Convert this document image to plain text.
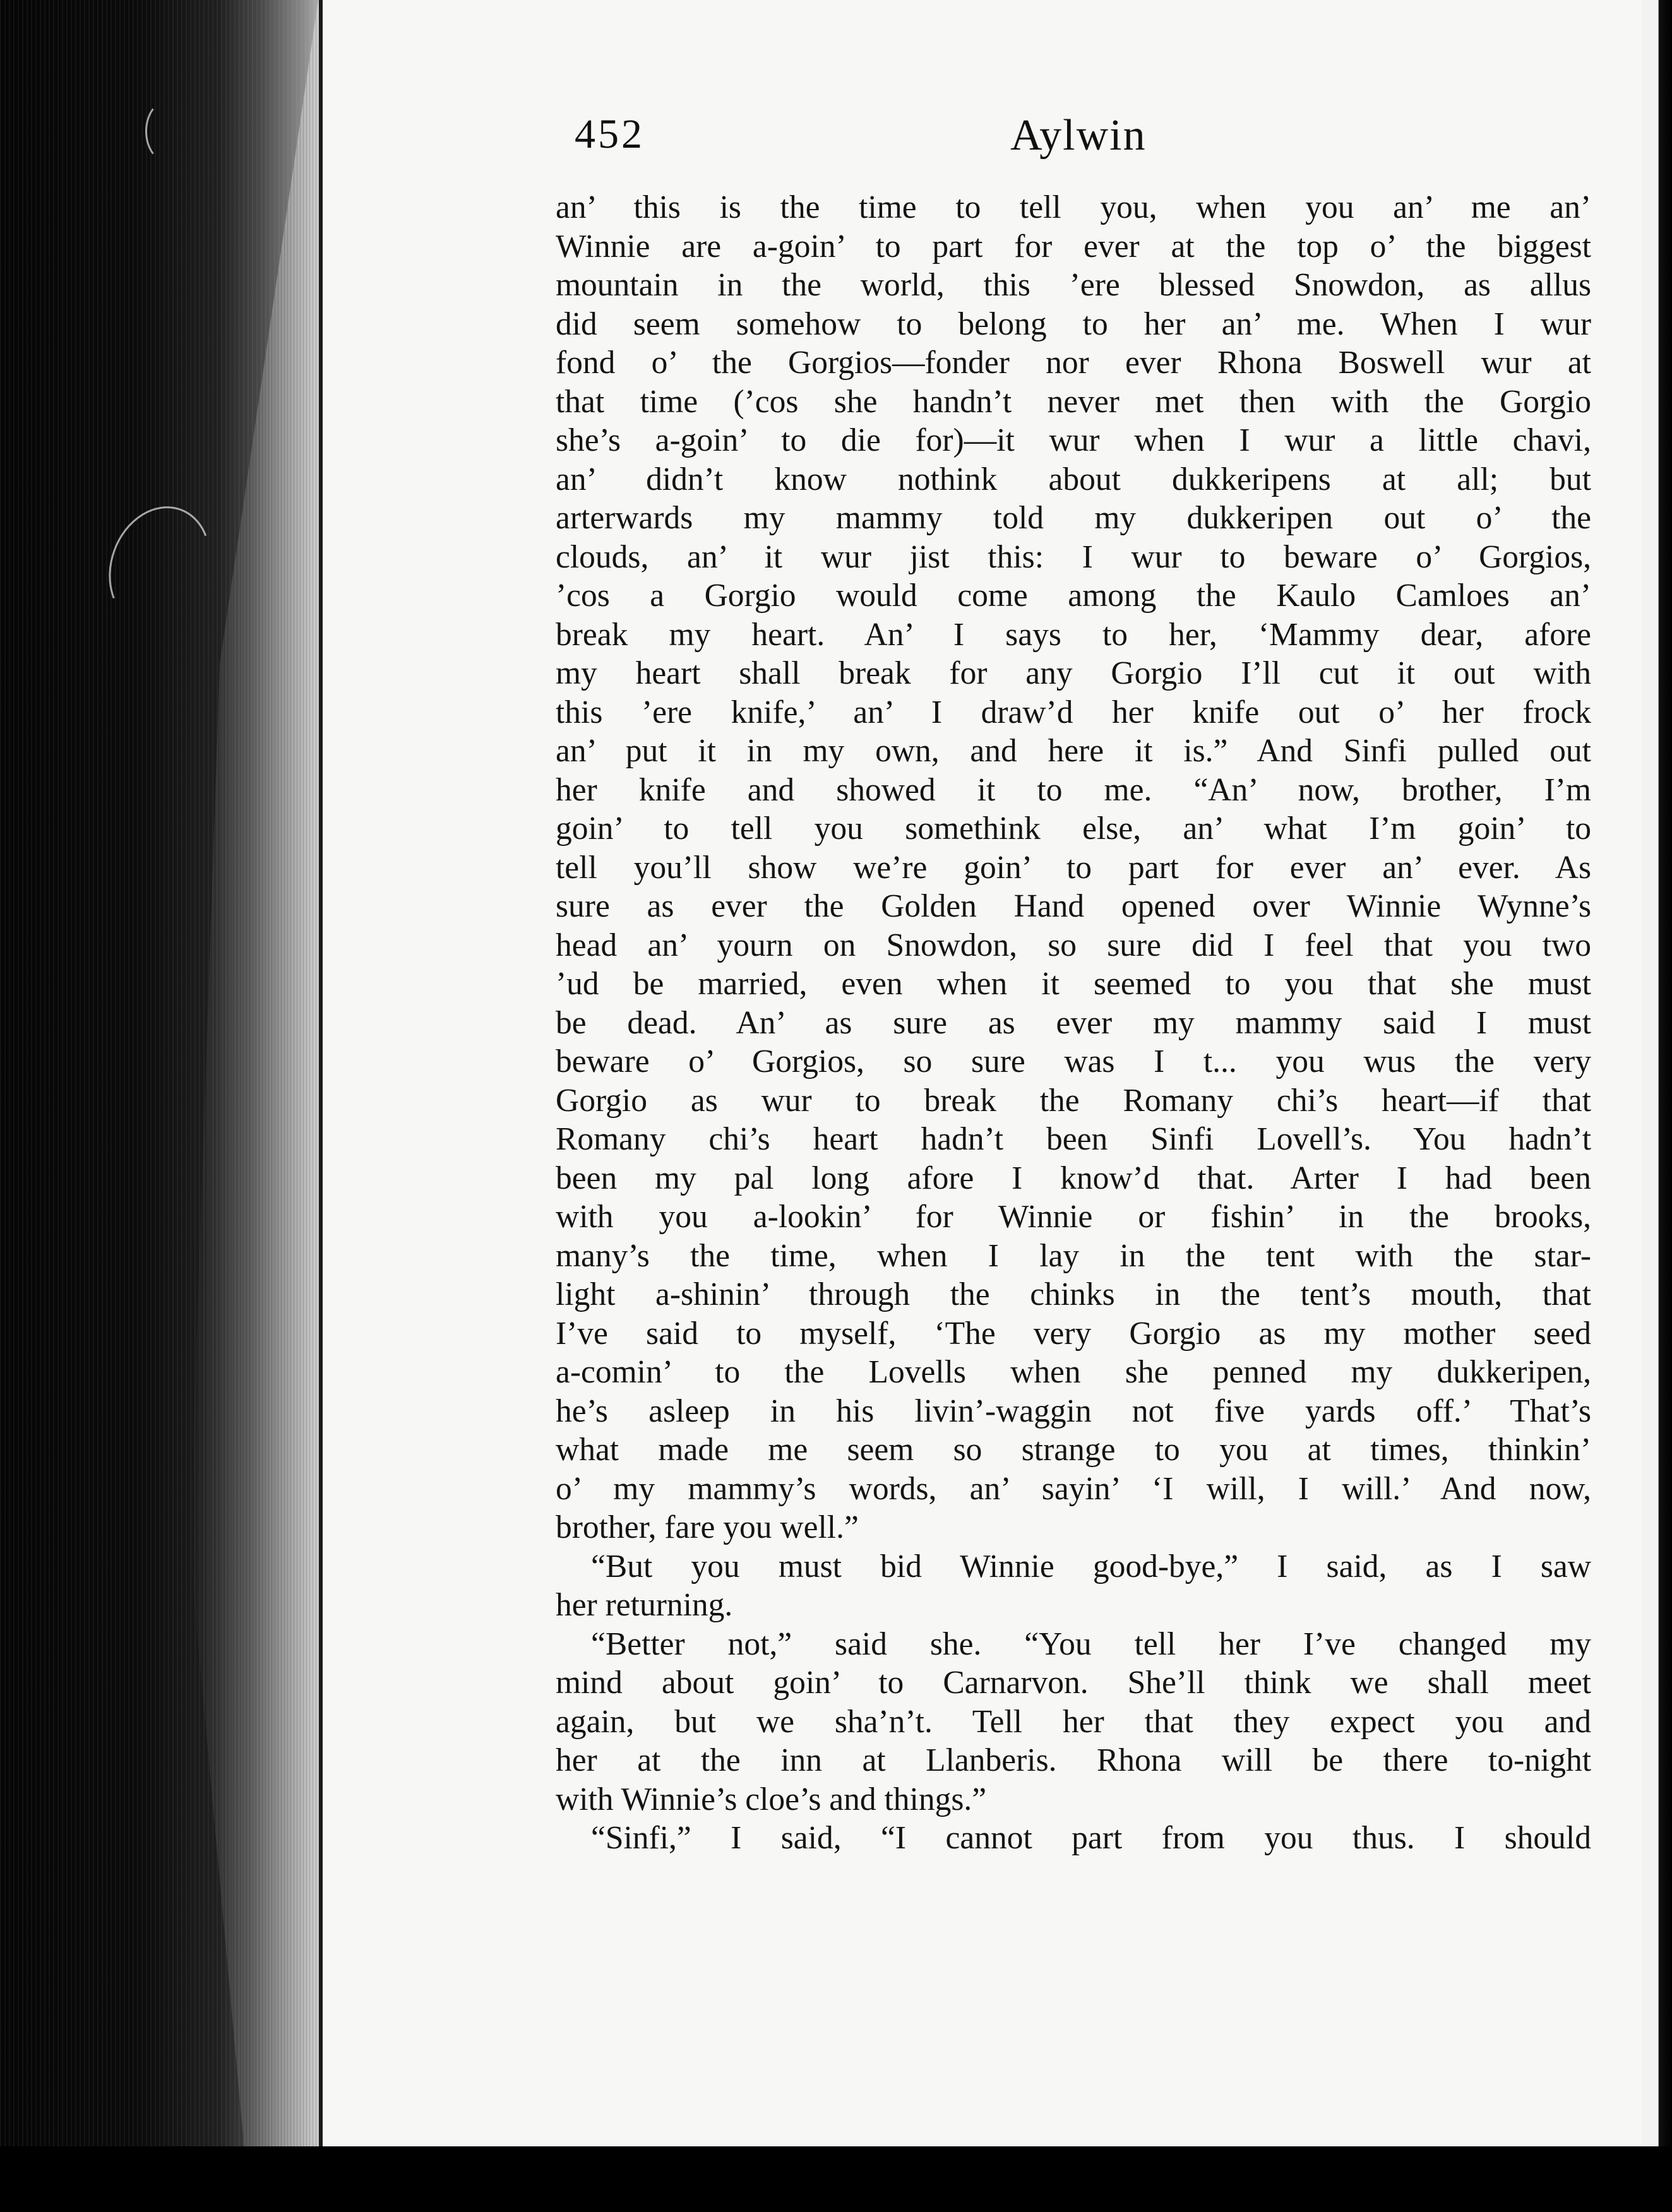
452	Aylwin
an’ this is the time to tell you, when you an’ me an’
Winnie are a-goin’ to part for ever at the top o’ the biggest
mountain in the world, this ’ere blessed Snowdon, as allus
did seem somehow to belong to her an’ me. When I wur
fond o’ the Gorgios—fonder nor ever Rhona Boswell wur at
that time (’cos she handn’t never met then with the Gorgio
she’s a-goin’ to die for)—it wur when I wur a little chavi,
an’ didn’t know nothink about dukkeripens at all; but
arterwards my mammy told my dukkeripen out o’ the
clouds, an’ it wur jist this: I wur to beware o’ Gorgios,
’cos a Gorgio would come among the Kaulo Camloes an’
break my heart. An’ I says to her, ‘Mammy dear, afore
my heart shall break for any Gorgio I’ll cut it out with
this ’ere knife,’ an’ I draw’d her knife out o’ her frock
an’ put it in my own, and here it is.” And Sinfi pulled out
her knife and showed it to me. “An’ now, brother, I’m
goin’ to tell you somethink else, an’ what I’m goin’ to
tell you’ll show we’re goin’ to part for ever an’ ever. As
sure as ever the Golden Hand opened over Winnie Wynne’s
head an’ yourn on Snowdon, so sure did I feel that you two
’ud be married, even when it seemed to you that she must
be dead. An’ as sure as ever my mammy said I must
beware o’ Gorgios, so sure was I t... you wus the very
Gorgio as wur to break the Romany chi’s heart—if that
Romany chi’s heart hadn’t been Sinfi Lovell’s. You hadn’t
been my pal long afore I know’d that. Arter I had been
with you a-lookin’ for Winnie or fishin’ in the brooks,
many’s the time, when I lay in the tent with the star-
light a-shinin’ through the chinks in the tent’s mouth, that
I’ve said to myself, ‘The very Gorgio as my mother seed
a-comin’ to the Lovells when she penned my dukkeripen,
he’s asleep in his livin’-waggin not five yards off.’ That’s
what made me seem so strange to you at times, thinkin’
o’ my mammy’s words, an’ sayin’ ‘I will, I will.’ And now,
brother, fare you well.”
“But you must bid Winnie good-bye,” I said, as I saw
her returning.
“Better not,” said she. “You tell her I’ve changed my
mind about goin’ to Carnarvon. She’ll think we shall meet
again, but we sha’n’t. Tell her that they expect you and
her at the inn at Llanberis. Rhona will be there to-night
with Winnie’s cloe’s and things.”
“Sinfi,” I said, “I cannot part from you thus. I should
